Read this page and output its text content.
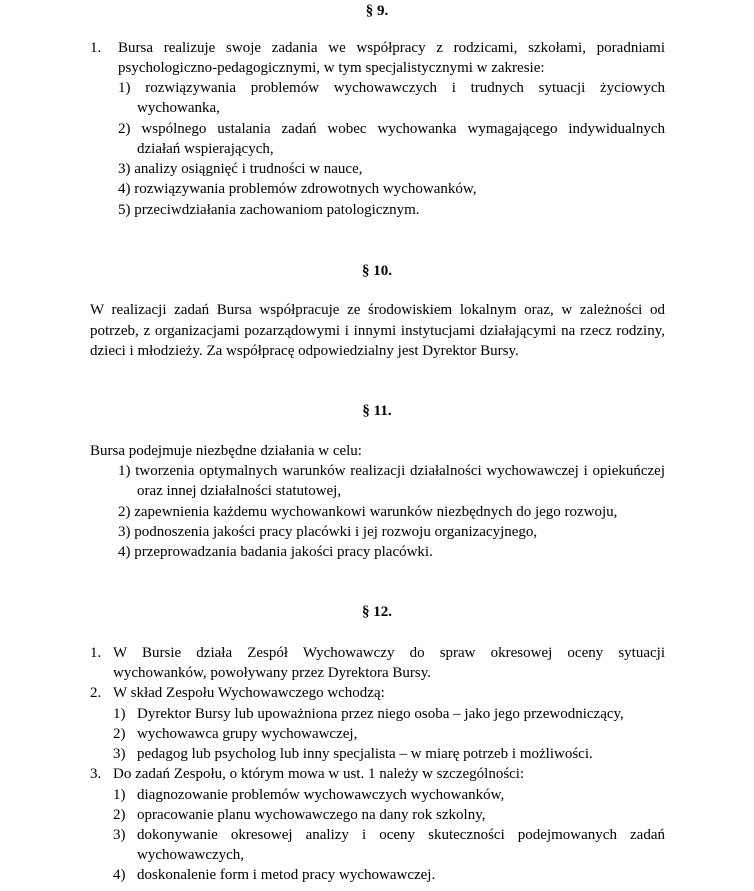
§ 9.
1. Bursa realizuje swoje zadania we współpracy z rodzicami, szkołami, poradniami
psychologiczno-pedagogicznymi, w tym specjalistycznymi w zakresie:
1) rozwiązywania problemów wychowawczych i trudnych sytuacji życiowych
wychowanka,
2) wspólnego ustalania zadań wobec wychowanka wymagającego indywidualnych
działań wspierających,
3) analizy osiągnięć i trudności w nauce,
4) rozwiązywania problemów zdrowotnych wychowanków,
5) przeciwdziałania zachowaniom patologicznym.
§ 10.
W realizacji zadań Bursa współpracuje ze środowiskiem lokalnym oraz, w zależności od
potrzeb, z organizacjami pozarządowymi i innymi instytucjami działającymi na rzecz rodziny,
dzieci i młodzieży. Za współpracę odpowiedzialny jest Dyrektor Bursy.
§ 11.
Bursa podejmuje niezbędne działania w celu:
1) tworzenia optymalnych warunków realizacji działalności wychowawczej i opiekuńczej
oraz innej działalności statutowej,
2) zapewnienia każdemu wychowankowi warunków niezbędnych do jego rozwoju,
3) podnoszenia jakości pracy placówki i jej rozwoju organizacyjnego,
4) przeprowadzania badania jakości pracy placówki.
§ 12.
1. W Bursie działa Zespół Wychowawczy do spraw okresowej oceny sytuacji
wychowanków, powoływany przez Dyrektora Bursy.
2. W skład Zespołu Wychowawczego wchodzą:
1) Dyrektor Bursy lub upoważniona przez niego osoba – jako jego przewodniczący,
2) wychowawca grupy wychowawczej,
3) pedagog lub psycholog lub inny specjalista – w miarę potrzeb i możliwości.
3. Do zadań Zespołu, o którym mowa w ust. 1 należy w szczególności:
1) diagnozowanie problemów wychowawczych wychowanków,
2) opracowanie planu wychowawczego na dany rok szkolny,
3) dokonywanie okresowej analizy i oceny skuteczności podejmowanych zadań
wychowawczych,
4) doskonalenie form i metod pracy wychowawczej.
